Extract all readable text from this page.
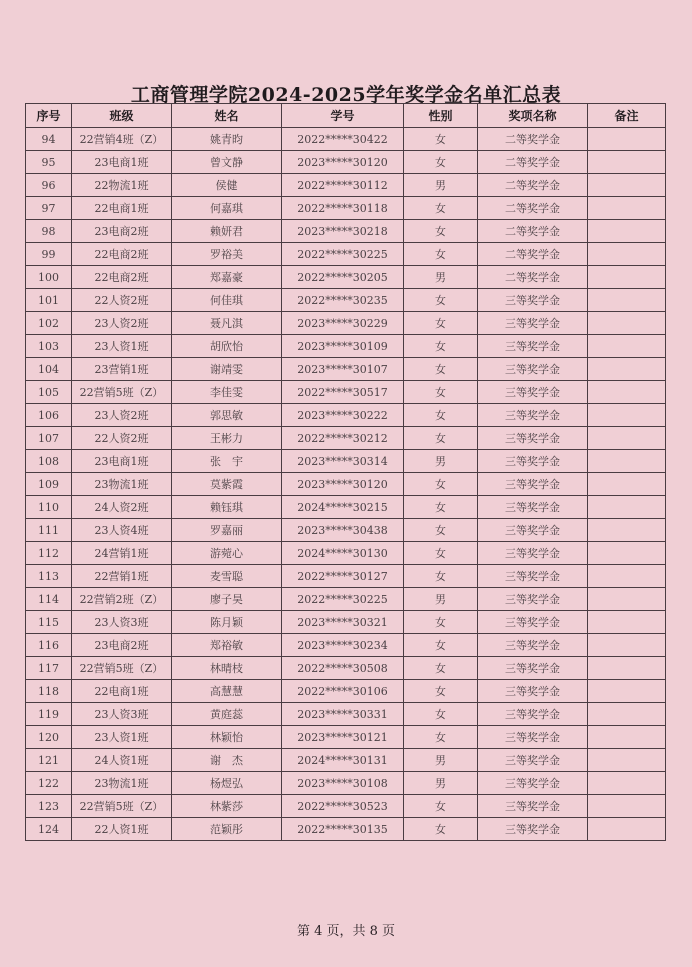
工商管理学院2024-2025学年奖学金名单汇总表
序号	班级	姓名	学号	性别	奖项名称	备注
94	22营销4班（Z）	姚青昀	2022*****30422	女	二等奖学金	
95	23电商1班	曾文静	2023*****30120	女	二等奖学金	
96	22物流1班	侯健	2022*****30112	男	二等奖学金	
97	22电商1班	何嘉琪	2022*****30118	女	二等奖学金	
98	23电商2班	赖妍君	2023*****30218	女	二等奖学金	
99	22电商2班	罗裕美	2022*****30225	女	二等奖学金	
100	22电商2班	郑嘉豪	2022*****30205	男	二等奖学金	
101	22人资2班	何佳琪	2022*****30235	女	三等奖学金	
102	23人资2班	聂凡淇	2023*****30229	女	三等奖学金	
103	23人资1班	胡欣怡	2023*****30109	女	三等奖学金	
104	23营销1班	谢靖雯	2023*****30107	女	三等奖学金	
105	22营销5班（Z）	李佳雯	2022*****30517	女	三等奖学金	
106	23人资2班	郭思敏	2023*****30222	女	三等奖学金	
107	22人资2班	王彬力	2022*****30212	女	三等奖学金	
108	23电商1班	张　宇	2023*****30314	男	三等奖学金	
109	23物流1班	莫紫霞	2023*****30120	女	三等奖学金	
110	24人资2班	赖钰琪	2024*****30215	女	三等奖学金	
111	23人资4班	罗嘉丽	2023*****30438	女	三等奖学金	
112	24营销1班	游菀心	2024*****30130	女	三等奖学金	
113	22营销1班	麦雪聪	2022*****30127	女	三等奖学金	
114	22营销2班（Z）	廖子昊	2022*****30225	男	三等奖学金	
115	23人资3班	陈月颖	2023*****30321	女	三等奖学金	
116	23电商2班	郑裕敏	2023*****30234	女	三等奖学金	
117	22营销5班（Z）	林晴枝	2022*****30508	女	三等奖学金	
118	22电商1班	高慧慧	2022*****30106	女	三等奖学金	
119	23人资3班	黄庭蕊	2023*****30331	女	三等奖学金	
120	23人资1班	林颖怡	2023*****30121	女	三等奖学金	
121	24人资1班	谢　杰	2024*****30131	男	三等奖学金	
122	23物流1班	杨煜弘	2023*****30108	男	三等奖学金	
123	22营销5班（Z）	林紫莎	2022*****30523	女	三等奖学金	
124	22人资1班	范颖彤	2022*****30135	女	三等奖学金	
第 4 页，共 8 页
